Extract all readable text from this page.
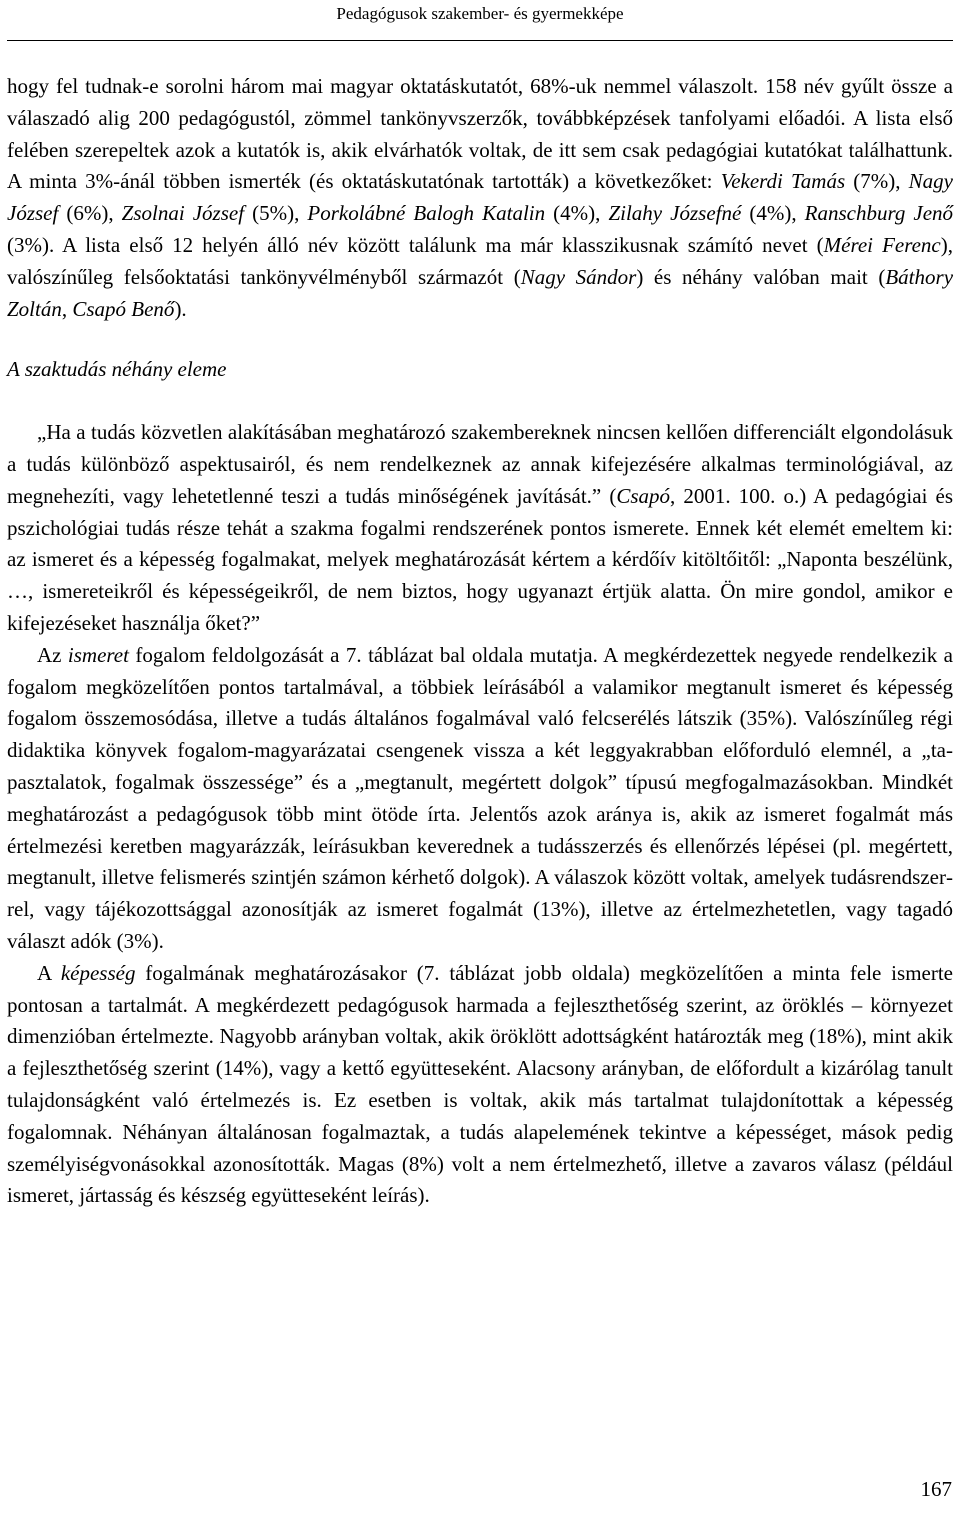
Pedagógusok szakember- és gyermekképe

hogy fel tudnak-e sorolni három mai magyar oktatáskutatót, 68%-uk nemmel válaszolt. 158 név gyűlt össze a válaszadó alig 200 pedagógustól, zömmel tankönyvszerzők, továbbképzések tanfolyami előadói. A lista első felében szerepeltek azok a kutatók is, akik elvárhatók voltak, de itt sem csak pedagógiai kutatókat találhattunk. A minta 3%-ánál többen ismerték (és oktatáskutatónak tartották) a következőket: Vekerdi Tamás (7%), Nagy József (6%), Zsolnai József (5%), Porkolábné Balogh Katalin (4%), Zilahy Józsefné (4%), Ranschburg Jenő (3%). A lista első 12 helyén álló név között találunk ma már klasszikusnak számító nevet (Mérei Ferenc), valószínűleg felsőoktatási tankönyvélményből származót (Nagy Sándor) és néhány valóban mait (Báthory Zoltán, Csapó Benő).

A szaktudás néhány eleme

„Ha a tudás közvetlen alakításában meghatározó szakembereknek nincsen kellően differenciált elgondolásuk a tudás különböző aspektusairól, és nem rendelkeznek az annak kifejezésére alkalmas terminológiával, az megnehezíti, vagy lehetetlenné teszi a tudás minőségének javítását.” (Csapó, 2001. 100. o.) A pedagógiai és pszichológiai tudás része tehát a szakma fogalmi rendszerének pontos ismerete. Ennek két elemét emeltem ki: az ismeret és a képesség fogalmakat, melyek meghatározását kértem a kérdőív kitöltőitől: „Naponta beszélünk, …, ismereteikről és képességeikről, de nem biztos, hogy ugyanazt értjük alatta. Ön mire gondol, amikor e kifejezéseket használja őket?”

Az ismeret fogalom feldolgozását a 7. táblázat bal oldala mutatja. A megkérdezettek negyede rendelkezik a fogalom megközelítően pontos tartalmával, a többiek leírásából a valamikor megtanult ismeret és képesség fogalom összemosódása, illetve a tudás általános fogalmával való felcserélés látszik (35%). Valószínűleg régi didaktika könyvek fogalom-magyarázatai csengenek vissza a két leggyakrabban előforduló elemnél, a „tapasztalatok, fogalmak összessége” és a „megtanult, megértett dolgok” típusú megfogalmazásokban. Mindkét meghatározást a pedagógusok több mint ötöde írta. Jelentős azok aránya is, akik az ismeret fogalmát más értelmezési keretben magyarázzák, leírásukban keverednek a tudásszerzés és ellenőrzés lépései (pl. megértett, megtanult, illetve felismerés szintjén számon kérhető dolgok). A válaszok között voltak, amelyek tudásrendszerrel, vagy tájékozottsággal azonosítják az ismeret fogalmát (13%), illetve az értelmezhetetlen, vagy tagadó választ adók (3%).

A képesség fogalmának meghatározásakor (7. táblázat jobb oldala) megközelítően a minta fele ismerte pontosan a tartalmát. A megkérdezett pedagógusok harmada a fejleszthetőség szerint, az öröklés – környezet dimenzióban értelmezte. Nagyobb arányban voltak, akik öröklött adottságként határozták meg (18%), mint akik a fejleszthetőség szerint (14%), vagy a kettő együtteseként. Alacsony arányban, de előfordult a kizárólag tanult tulajdonságként való értelmezés is. Ez esetben is voltak, akik más tartalmat tulajdonítottak a képesség fogalomnak. Néhányan általánosan fogalmaztak, a tudás alapelemének tekintve a képességet, mások pedig személyiségvonásokkal azonosították. Magas (8%) volt a nem értelmezhető, illetve a zavaros válasz (például ismeret, jártasság és készség együtteseként leírás).

167
